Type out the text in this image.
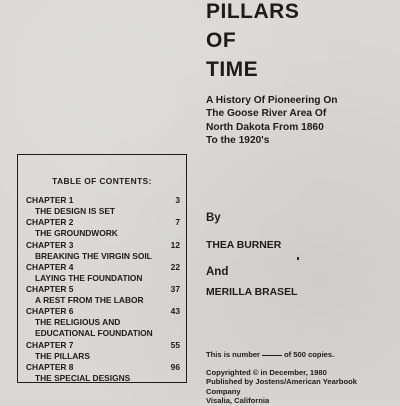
PILLARS
OF
TIME

A History Of Pioneering On
The Goose River Area Of
North Dakota From 1860
To the 1920's

TABLE OF CONTENTS:
CHAPTER 1	3
THE DESIGN IS SET
CHAPTER 2	7
THE GROUNDWORK
CHAPTER 3	12
BREAKING THE VIRGIN SOIL
CHAPTER 4	22
LAYING THE FOUNDATION
CHAPTER 5	37
A REST FROM THE LABOR
CHAPTER 6	43
THE RELIGIOUS AND
EDUCATIONAL FOUNDATION
CHAPTER 7	55
THE PILLARS
CHAPTER 8	96
THE SPECIAL DESIGNS

By

THEA BURNER

And

MERILLA BRASEL

This is number	of 500 copies.

Copyrighted © in December, 1980
Published by Jostens/American Yearbook
Company
Visalia, California
